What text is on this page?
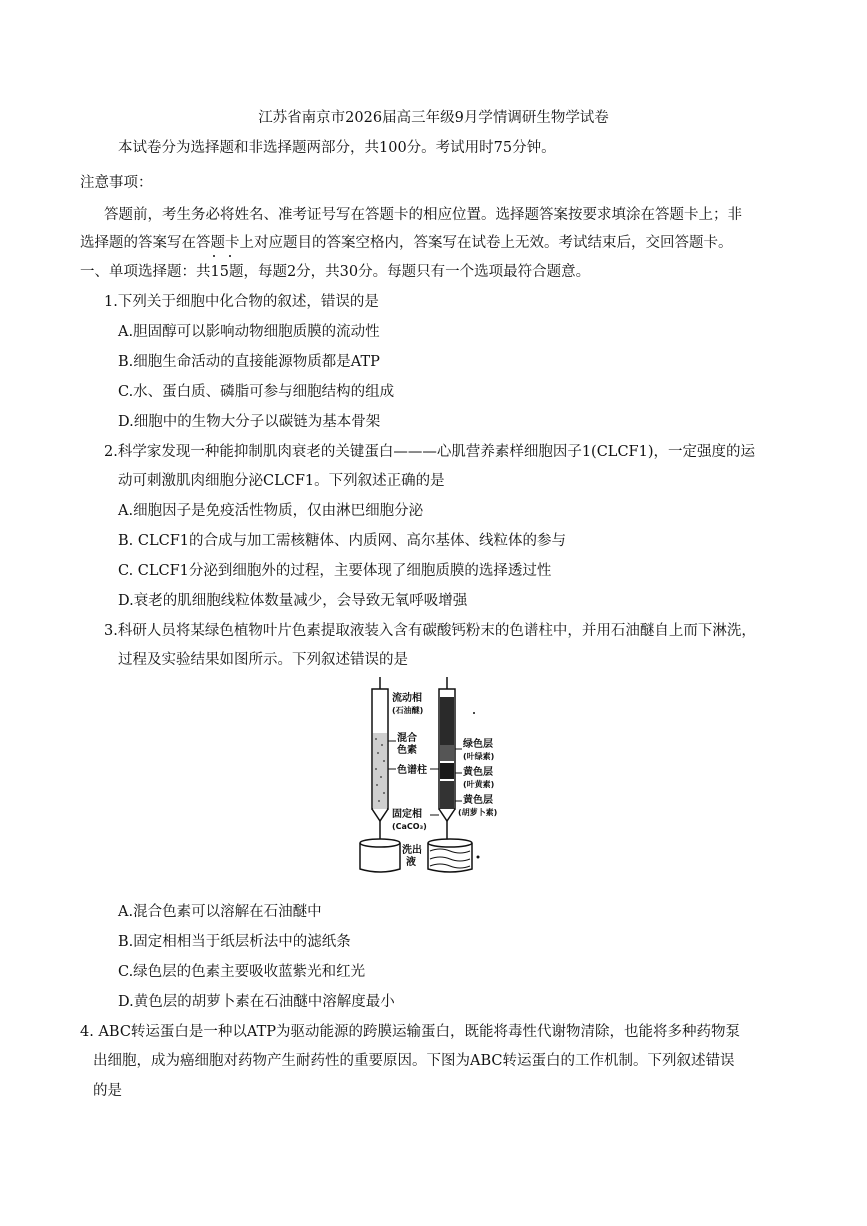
江苏省南京市2026届高三年级9月学情调研生物学试卷
本试卷分为选择题和非选择题两部分，共100分。考试用时75分钟。
注意事项：
答题前，考生务必将姓名、准考证号写在答题卡的相应位置。选择题答案按要求填涂在答题卡上；非
选择题的答案写在答题卡上对应题目的答案空格内，答案写在试卷上无效。考试结束后，交回答题卡。
一、单项选择题：共15题，每题2分，共30分。每题只有一个选项最符合题意。
1.下列关于细胞中化合物的叙述，错误的是
A.胆固醇可以影响动物细胞质膜的流动性
B.细胞生命活动的直接能源物质都是ATP
C.水、蛋白质、磷脂可参与细胞结构的组成
D.细胞中的生物大分子以碳链为基本骨架
2.科学家发现一种能抑制肌肉衰老的关键蛋白———心肌营养素样细胞因子1(CLCF1)，一定强度的运
动可刺激肌肉细胞分泌CLCF1。下列叙述正确的是
A.细胞因子是免疫活性物质，仅由淋巴细胞分泌
B. CLCF1的合成与加工需核糖体、内质网、高尔基体、线粒体的参与
C. CLCF1分泌到细胞外的过程，主要体现了细胞质膜的选择透过性
D.衰老的肌细胞线粒体数量减少，会导致无氧呼吸增强
3.科研人员将某绿色植物叶片色素提取液装入含有碳酸钙粉末的色谱柱中，并用石油醚自上而下淋洗，
过程及实验结果如图所示。下列叙述错误的是
流动相
(石油醚)
混合
色素
色谱柱
固定相
(CaCO₃)
绿色层
(叶绿素)
黄色层
(叶黄素)
黄色层
(胡萝卜素)
洗出
液
A.混合色素可以溶解在石油醚中
B.固定相相当于纸层析法中的滤纸条
C.绿色层的色素主要吸收蓝紫光和红光
D.黄色层的胡萝卜素在石油醚中溶解度最小
4. ABC转运蛋白是一种以ATP为驱动能源的跨膜运输蛋白，既能将毒性代谢物清除，也能将多种药物泵
出细胞，成为癌细胞对药物产生耐药性的重要原因。下图为ABC转运蛋白的工作机制。下列叙述错误
的是
